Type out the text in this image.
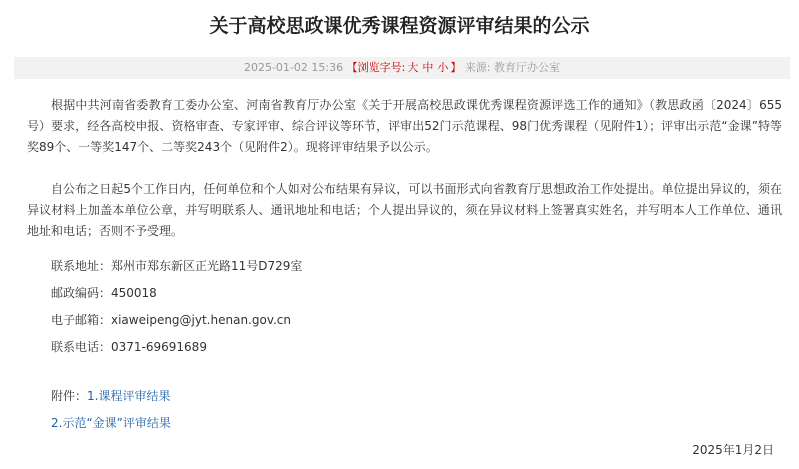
关于高校思政课优秀课程资源评审结果的公示
2025-01-02 15:36 【浏览字号: 大 中 小 】 来源: 教育厅办公室

根据中共河南省委教育工委办公室、河南省教育厅办公室《关于开展高校思政课优秀课程资源评选工作的通知》（教思政函〔2024〕655号）要求，经各高校申报、资格审查、专家评审、综合评议等环节，评审出52门示范课程、98门优秀课程（见附件1）；评审出示范“金课”特等奖89个、一等奖147个、二等奖243个（见附件2）。现将评审结果予以公示。

自公布之日起5个工作日内，任何单位和个人如对公布结果有异议，可以书面形式向省教育厅思想政治工作处提出。单位提出异议的，须在异议材料上加盖本单位公章，并写明联系人、通讯地址和电话；个人提出异议的，须在异议材料上签署真实姓名，并写明本人工作单位、通讯地址和电话；否则不予受理。

联系地址：郑州市郑东新区正光路11号D729室
邮政编码：450018
电子邮箱：xiaweipeng@jyt.henan.gov.cn
联系电话：0371-69691689
附件：1.课程评审结果
2.示范“金课”评审结果
2025年1月2日
